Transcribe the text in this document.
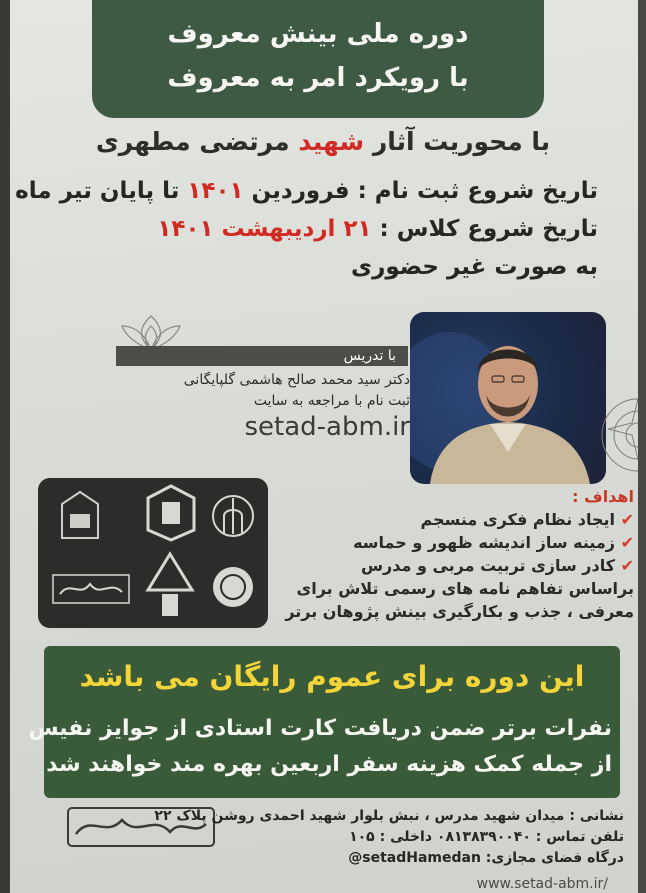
دوره ملی بینش معروف
با رویکرد امر به معروف
با محوریت آثار شهید مرتضی مطهری
تاریخ شروع ثبت نام : فروردین ۱۴۰۱ تا پایان تیر ماه
تاریخ شروع کلاس : ۲۱ اردیبهشت ۱۴۰۱
به صورت غیر حضوری
با تدریس
دکتر سید محمد صالح هاشمی گلپایگانی
ثبت نام با مراجعه به سایت
setad-abm.ir
اهداف :
✔ ایجاد نظام فکری منسجم
✔ زمینه ساز اندیشه ظهور و حماسه
✔ کادر سازی تربیت مربی و مدرس
براساس تفاهم نامه های رسمی تلاش برای
معرفی ، جذب و بکارگیری بینش پژوهان برتر
این دوره برای عموم رایگان می باشد
نفرات برتر ضمن دریافت کارت استادی از جوایز نفیس
از جمله کمک هزینه سفر اربعین بهره مند خواهند شد
نشانی : میدان شهید مدرس ، نبش بلوار شهید احمدی روشن پلاک ۲۲
تلفن تماس : ۰۸۱۳۸۳۹۰۰۴۰ داخلی : ۱۰۵
درگاه فضای مجازی: setadHamedan@
www.setad-abm.ir/
